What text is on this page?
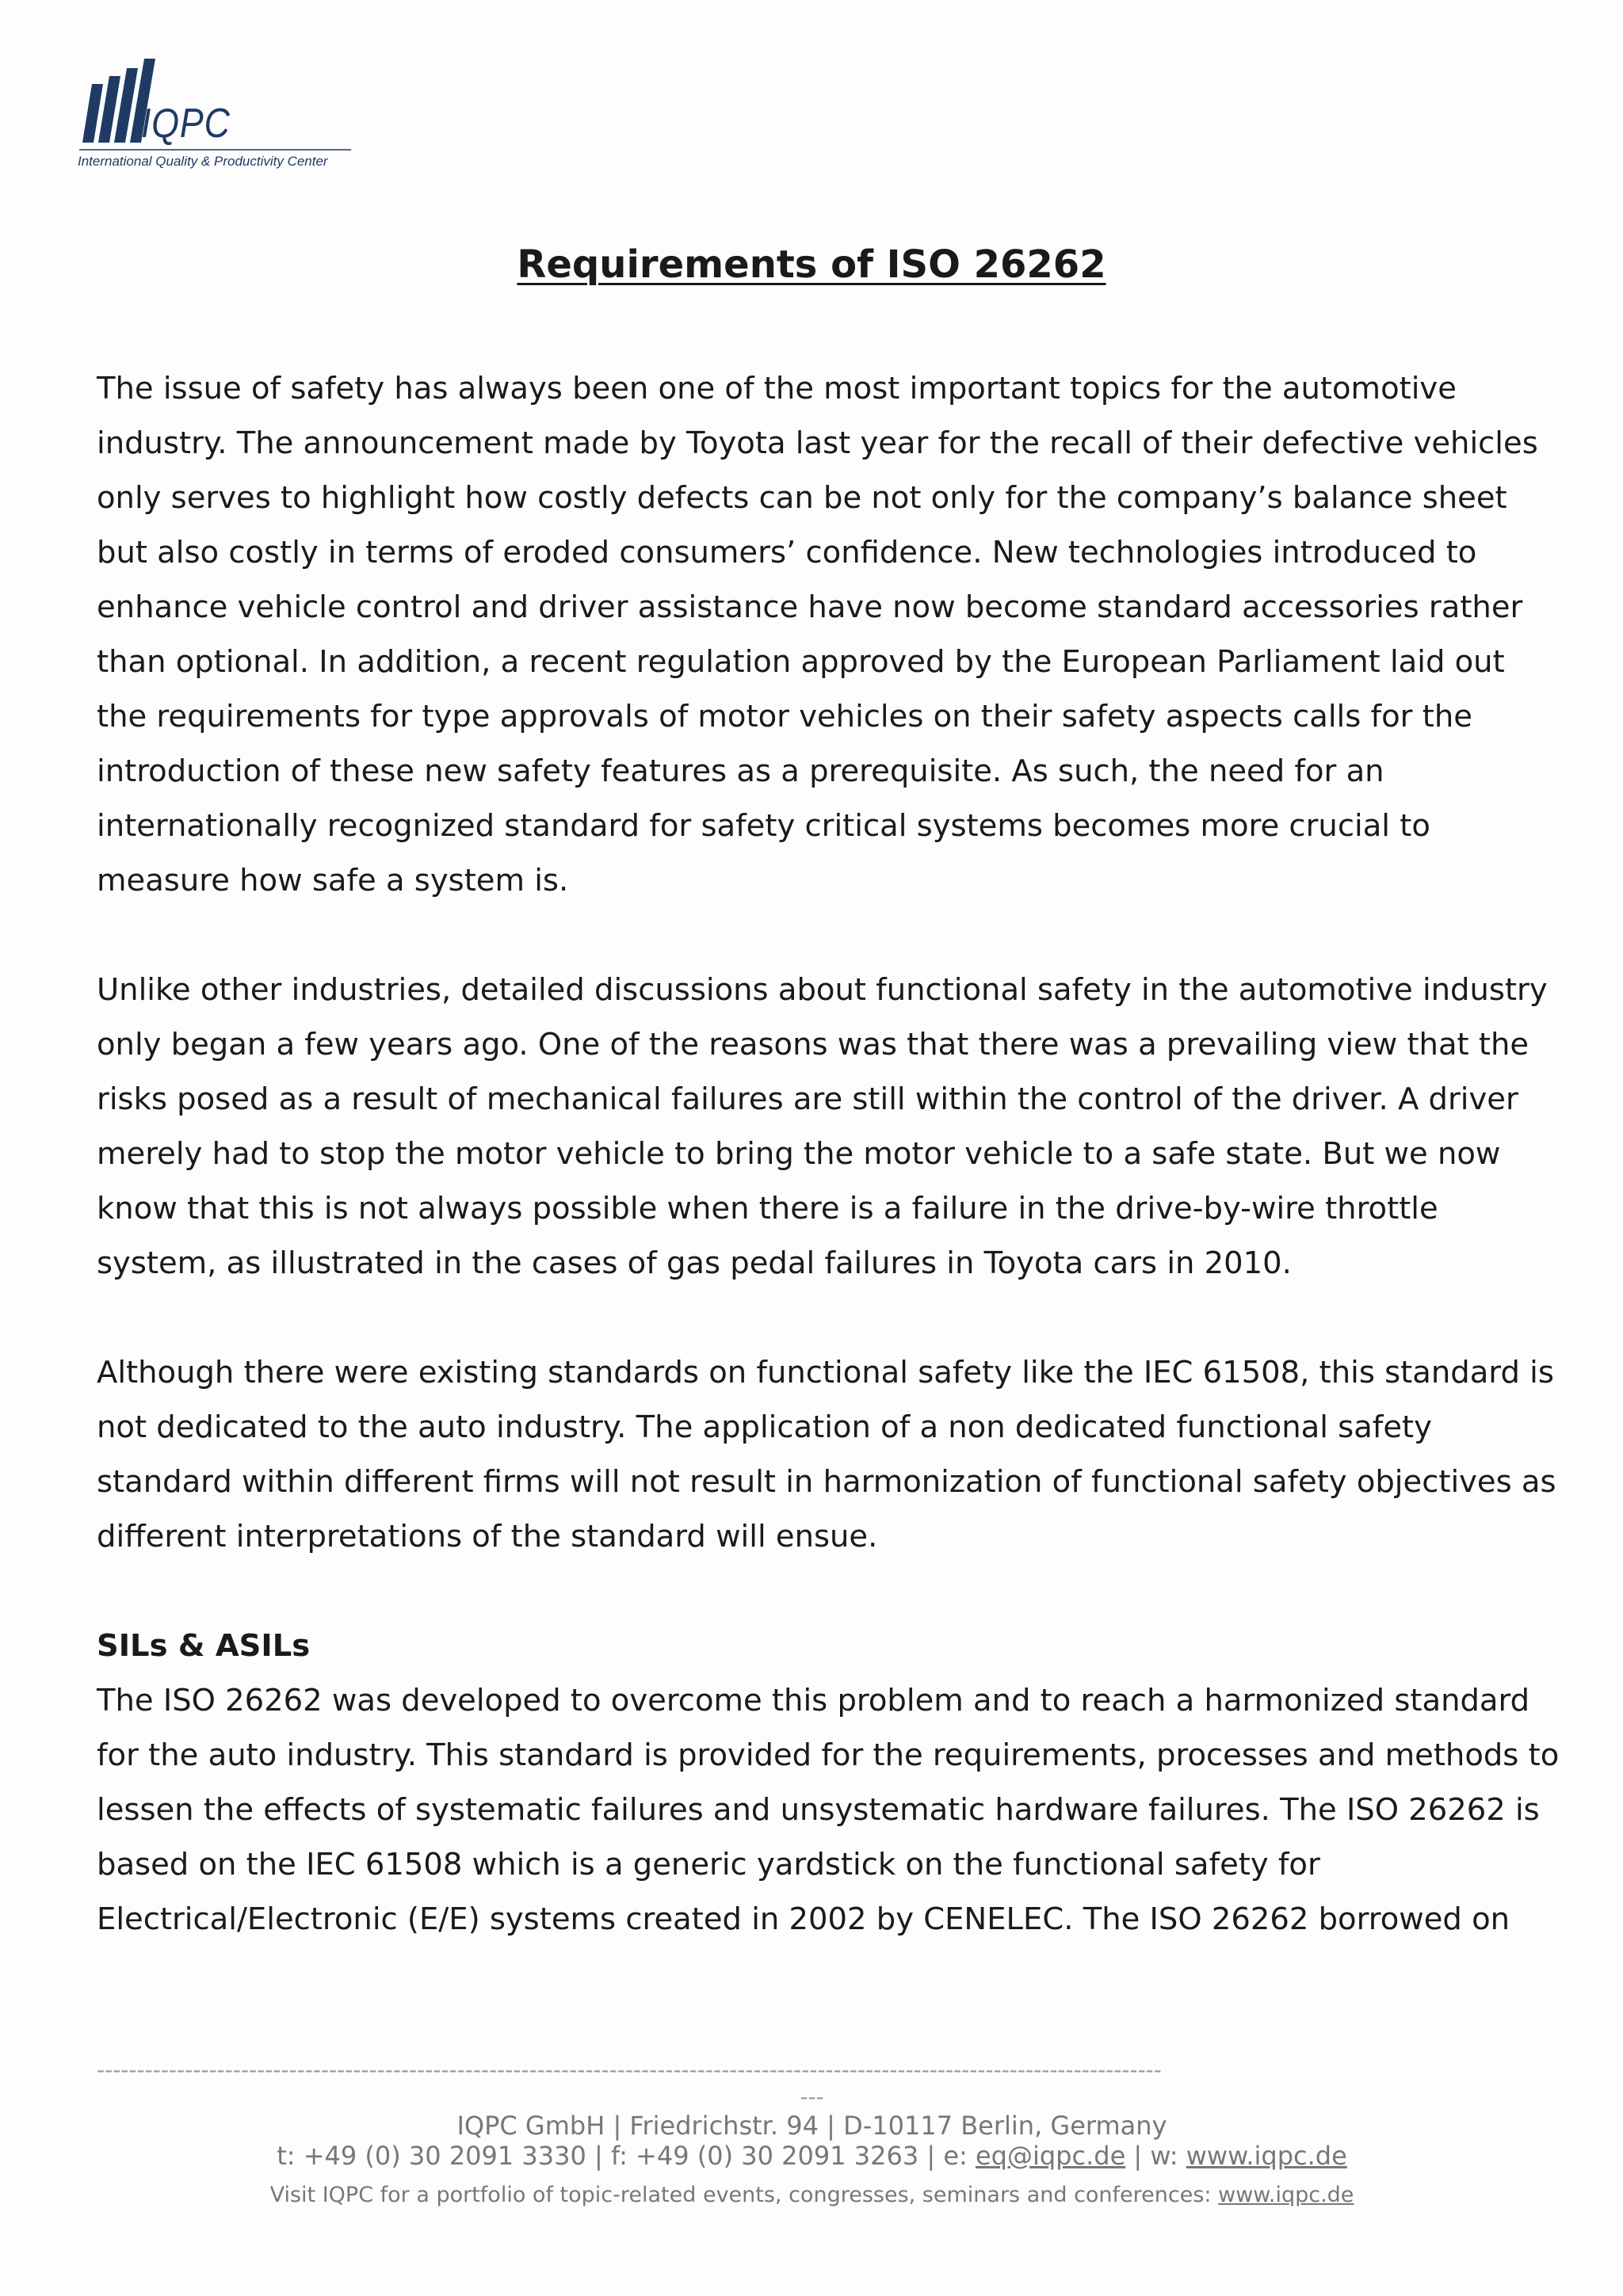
IQPC
International Quality & Productivity Center
Requirements of ISO 26262

The issue of safety has always been one of the most important topics for the automotive industry. The announcement made by Toyota last year for the recall of their defective vehicles only serves to highlight how costly defects can be not only for the company’s balance sheet but also costly in terms of eroded consumers’ confidence. New technologies introduced to enhance vehicle control and driver assistance have now become standard accessories rather than optional. In addition, a recent regulation approved by the European Parliament laid out the requirements for type approvals of motor vehicles on their safety aspects calls for the introduction of these new safety features as a prerequisite. As such, the need for an internationally recognized standard for safety critical systems becomes more crucial to measure how safe a system is.

Unlike other industries, detailed discussions about functional safety in the automotive industry only began a few years ago. One of the reasons was that there was a prevailing view that the risks posed as a result of mechanical failures are still within the control of the driver. A driver merely had to stop the motor vehicle to bring the motor vehicle to a safe state. But we now know that this is not always possible when there is a failure in the drive-by-wire throttle system, as illustrated in the cases of gas pedal failures in Toyota cars in 2010.

Although there were existing standards on functional safety like the IEC 61508, this standard is not dedicated to the auto industry. The application of a non dedicated functional safety standard within different firms will not result in harmonization of functional safety objectives as different interpretations of the standard will ensue.

SILs & ASILs

The ISO 26262 was developed to overcome this problem and to reach a harmonized standard for the auto industry. This standard is provided for the requirements, processes and methods to lessen the effects of systematic failures and unsystematic hardware failures. The ISO 26262 is based on the IEC 61508 which is a generic yardstick on the functional safety for Electrical/Electronic (E/E) systems created in 2002 by CENELEC. The ISO 26262 borrowed on

-------------------------------------------------------------------------------------------------------------------------------------
---
IQPC GmbH | Friedrichstr. 94 | D-10117 Berlin, Germany
t: +49 (0) 30 2091 3330 | f: +49 (0) 30 2091 3263 | e: eq@iqpc.de | w: www.iqpc.de
Visit IQPC for a portfolio of topic-related events, congresses, seminars and conferences: www.iqpc.de
